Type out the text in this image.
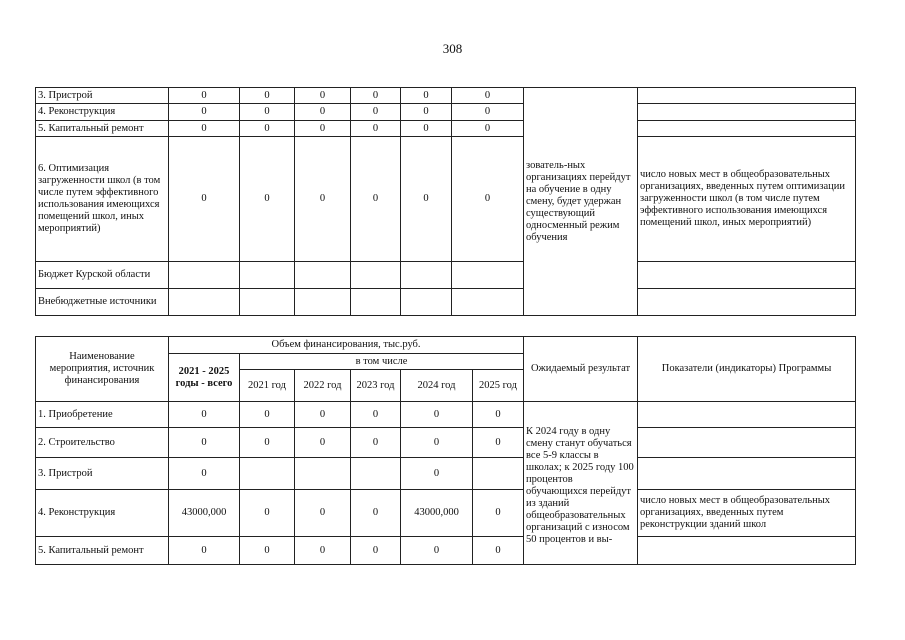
308
3. Пристрой	0	0	0	0	0	0	зователь-ных организациях перейдут на обучение в одну смену, будет удержан существующий односменный режим обучения	
4. Реконструкция	0	0	0	0	0	0		
5. Капитальный ремонт	0	0	0	0	0	0		
6. Оптимизация загруженности школ (в том числе путем эффективного использования имеющихся помещений школ, иных мероприятий)	0	0	0	0	0	0		число новых мест в общеобразовательных организациях, введенных путем оптимизации загруженности школ (в том числе путем эффективного использования имеющихся помещений школ, иных мероприятий)
Бюджет Курской области								
Внебюджетные источники								
Наименование мероприятия, источник финансирования	Объем финансирования, тыс.руб.						Ожидаемый результат	Показатели (индикаторы) Программы
	2021 - 2025 годы - всего	в том числе						
		2021 год	2022 год	2023 год	2024 год	2025 год		
1. Приобретение	0	0	0	0	0	0	К 2024 году в одну смену станут обучаться все 5-9 классы в школах; к 2025 году 100 процентов обучающихся перейдут из зданий общеобразовательных организаций с износом 50 процентов и вы-	
2. Строительство	0	0	0	0	0	0		
3. Пристрой	0				0			
4. Реконструкция	43000,000	0	0	0	43000,000	0		число новых мест в общеобразовательных организациях, введенных путем реконструкции зданий школ
5. Капитальный ремонт	0	0	0	0	0	0		
